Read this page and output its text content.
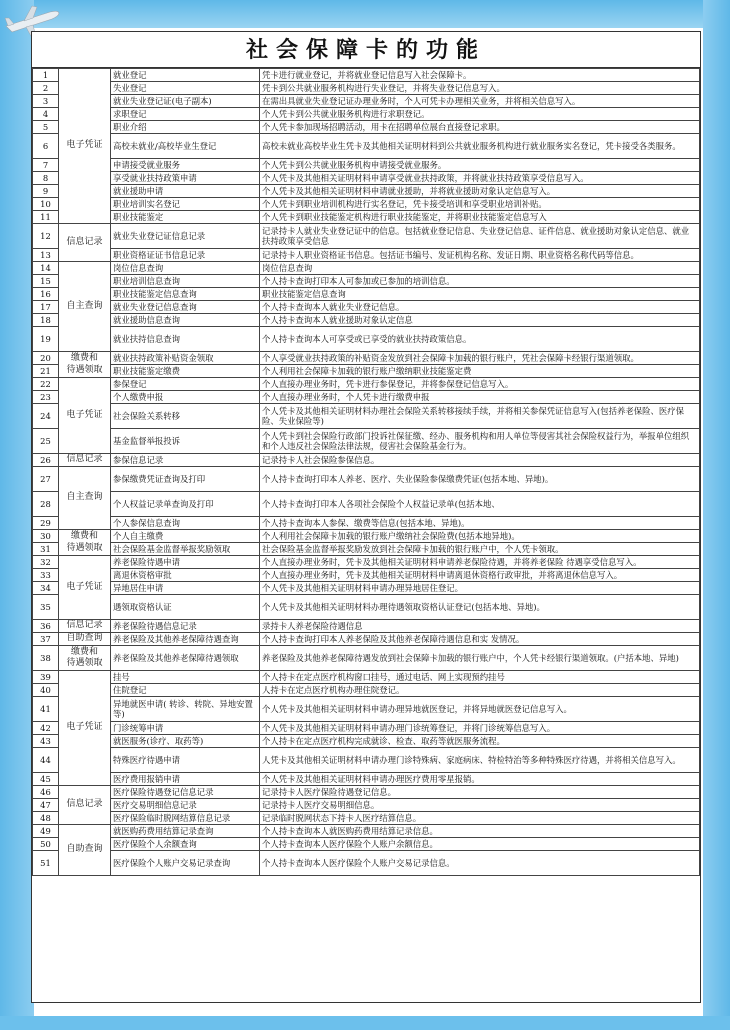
社会保障卡的功能
1	电子凭证	就业登记	凭卡进行就业登记，并将就业登记信息写入社会保障卡。
2		失业登记	凭卡到公共就业服务机构进行失业登记，并将失业登记信息写入。
3		就业失业登记证(电子副本)	在需出具就业失业登记证办理业务时，个人可凭卡办理相关业务，并将相关信息写入。
4		求职登记	个人凭卡到公共就业服务机构进行求职登记。
5		职业介绍	个人凭卡参加现场招聘活动，用卡在招聘单位展台直接登记求职。
6		高校未就业/高校毕业生登记	高校未就业高校毕业生凭卡及其他相关证明材料到公共就业服务机构进行就业服务实名登记，凭卡接受各类服务。
7		申请接受就业服务	个人凭卡到公共就业服务机构申请接受就业服务。
8		享受就业扶持政策申请	个人凭卡及其他相关证明材料申请享受就业扶持政策，并将就业扶持政策享受信息写入。
9		就业援助申请	个人凭卡及其他相关证明材料申请就业援助，并将就业援助对象认定信息写入。
10		职业培训实名登记	个人凭卡到职业培训机构进行实名登记，凭卡接受培训和享受职业培训补贴。
11		职业技能鉴定	个人凭卡到职业技能鉴定机构进行职业技能鉴定，并将职业技能鉴定信息写入
12	信息记录	就业失业登记证信息记录	记录持卡人就业失业登记证中的信息。包括就业登记信息、失业登记信息、证件信息、就业援助对象认定信息、就业扶持政策享受信息
13		职业资格证证书信息记录	记录持卡人职业资格证书信息。包括证书编号、发证机构名称、发证日期、职业资格名称代码等信息。
14	自主查询	岗位信息查询	岗位信息查询
15		职业培训信息查询	个人持卡查询打印本人可参加或已参加的培训信息。
16		职业技能鉴定信息查询	职业技能鉴定信息查询
17		就业失业登记信息查询	个人持卡查询本人就业失业登记信息。
18		就业援助信息查询	个人持卡查询本人就业援助对象认定信息
19		就业扶持信息查询	个人持卡查询本人可享受或已享受的就业扶持政策信息。
20	缴费和
待遇领取	就业扶持政策补贴资金领取	个人享受就业扶持政策的补贴资金发放到社会保障卡加载的银行账户，凭社会保障卡经银行渠道领取。
21		职业技能鉴定缴费	个人利用社会保障卡加载的银行账户缴纳职业技能鉴定费
22	电子凭证	参保登记	个人直接办理业务时，凭卡进行参保登记，并将参保登记信息写入。
23		个人缴费申报	个人直接办理业务时，个人凭卡进行缴费申报
24		社会保险关系转移	个人凭卡及其他相关证明材料办理社会保险关系转移接续手续，并将相关参保凭证信息写入(包括养老保险、医疗保险、失业保险等)
25		基金监督举报投诉	个人凭卡到社会保险行政部门投诉社保征缴、经办、服务机构和用人单位等侵害其社会保险权益行为，举报单位组织和个人违反社会保险法律法规，侵害社会保险基金行为。
26	信息记录	参保信息记录	记录持卡人社会保险参保信息。
27	自主查询	参保缴费凭证查询及打印	个人持卡查询打印本人养老、医疗、失业保险参保缴费凭证(包括本地、异地)。
28		个人权益记录单查询及打印	个人持卡查询打印本人各项社会保险个人权益记录单(包括本地、
29		个人参保信息查询	个人持卡查询本人参保、缴费等信息(包括本地、异地)。
30	缴费和
待遇领取	个人自主缴费	个人利用社会保障卡加载的银行账户缴纳社会保险费(包括本地异地)。
31		社会保险基金监督举报奖励领取	社会保险基金监督举报奖励发放到社会保障卡加载的银行账户中，个人凭卡领取。
32	电子凭证	养老保险待遇申请	个人直接办理业务时，凭卡及其他相关证明材料申请养老保险待遇，并将养老保险 待遇享受信息写入。
33		离退休资格审批	个人直接办理业务时，凭卡及其他相关证明材料申请离退休资格行政审批，并将离退休信息写入。
34		异地居住申请	个人凭卡及其他相关证明材料申请办理异地居住登记。
35		遇领取资格认证	个人凭卡及其他相关证明材料办理待遇领取资格认证登记(包括本地、异地)。
36	信息记录	养老保险待遇信息记录	录持卡人养老保险待遇信息
37	自助查询	养老保险及其他养老保障待遇查询	个人持卡查询打印本人养老保险及其他养老保障待遇信息和实 发情况。
38	缴费和
待遇领取	养老保险及其他养老保障待遇领取	养老保险及其他养老保障待遇发放到社会保障卡加载的银行账户中，个人凭卡经银行渠道领取。(户括本地、异地)
39	电子凭证	挂号	个人持卡在定点医疗机构窗口挂号，通过电话、网上实现预约挂号
40		住院登记	人持卡在定点医疗机构办理住院登记。
41		异地就医申请( 转诊、转院、异地安置等)	个人凭卡及其他相关证明材料申请办理异地就医登记，并将异地就医登记信息写入。
42		门诊统筹申请	个人凭卡及其他相关证明材料申请办理门诊统筹登记，并将门诊统筹信息写入。
43		就医服务(诊疗、取药等)	个人持卡在定点医疗机构完成就诊、检查、取药等就医服务流程。
44		特殊医疗待遇申请	人凭卡及其他相关证明材料申请办理门诊特殊病、家庭病床、特检特治等多种特殊医疗待遇，并将相关信息写入。
45		医疗费用报销申请	个人凭卡及其他相关证明材料申请办理医疗费用零星报销。
46	信息记录	医疗保险待遇登记信息记录	记录持卡人医疗保险待遇登记信息。
47		医疗交易明细信息记录	记录持卡人医疗交易明细信息。
48		医疗保险临时脱网结算信息记录	记录临时脱网状态下持卡人医疗结算信息。
49	自助查询	就医购药费用结算记录查询	个人持卡查询本人就医购药费用结算记录信息。
50		医疗保险个人余额查询	个人持卡查询本人医疗保险个人账户余额信息。
51		医疗保险个人账户交易记录查询	个人持卡查询本人医疗保险个人账户交易记录信息。
